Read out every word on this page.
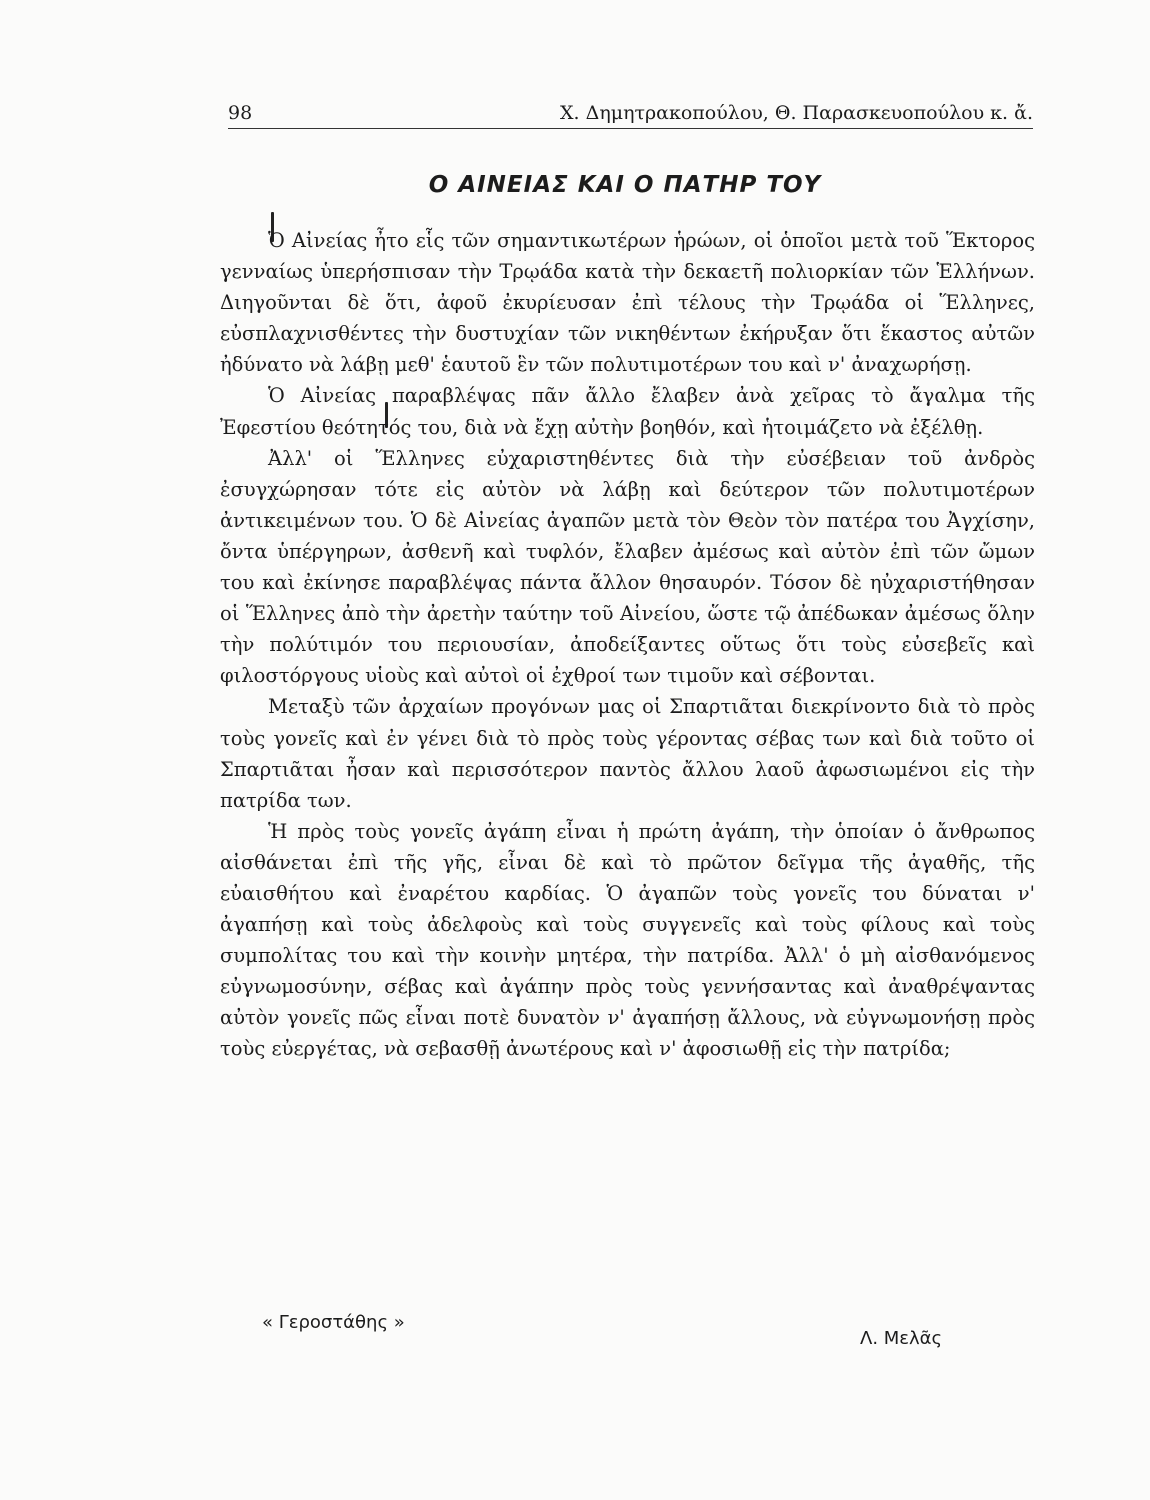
98	Χ. Δημητρακοπούλου, Θ. Παρασκευοπούλου κ. ἄ.
Ο ΑΙΝΕΙΑΣ ΚΑΙ Ο ΠΑΤΗΡ ΤΟΥ

Ὁ Αἰνείας ἦτο εἷς τῶν σημαντικωτέρων ἡρώων, οἱ ὁποῖοι μετὰ τοῦ Ἕκτορος γενναίως ὑπερήσπισαν τὴν Τρῳάδα κατὰ τὴν δεκαετῆ πολιορκίαν τῶν Ἑλλήνων. Διηγοῦνται δὲ ὅτι, ἀφοῦ ἐκυρίευσαν ἐπὶ τέλους τὴν Τρῳάδα οἱ Ἕλληνες, εὐσπλαχνισθέντες τὴν δυστυχίαν τῶν νικηθέντων ἐκήρυξαν ὅτι ἕκαστος αὐτῶν ἠδύνατο νὰ λάβῃ μεθ' ἑαυτοῦ ἓν τῶν πολυτιμοτέρων του καὶ ν' ἀναχωρήσῃ.

Ὁ Αἰνείας παραβλέψας πᾶν ἄλλο ἔλαβεν ἀνὰ χεῖρας τὸ ἄγαλμα τῆς Ἐφεστίου θεότητός του, διὰ νὰ ἔχῃ αὐτὴν βοηθόν, καὶ ἡτοιμάζετο νὰ ἐξέλθῃ.

Ἀλλ' οἱ Ἕλληνες εὐχαριστηθέντες διὰ τὴν εὐσέβειαν τοῦ ἀνδρὸς ἐσυγχώρησαν τότε εἰς αὐτὸν νὰ λάβῃ καὶ δεύτερον τῶν πολυτιμοτέρων ἀντικειμένων του. Ὁ δὲ Αἰνείας ἀγαπῶν μετὰ τὸν Θεὸν τὸν πατέρα του Ἀγχίσην, ὄντα ὑπέργηρων, ἀσθενῆ καὶ τυφλόν, ἔλαβεν ἀμέσως καὶ αὐτὸν ἐπὶ τῶν ὤμων του καὶ ἐκίνησε παραβλέψας πάντα ἄλλον θησαυρόν. Τόσον δὲ ηὐχαριστήθησαν οἱ Ἕλληνες ἀπὸ τὴν ἀρετὴν ταύτην τοῦ Αἰνείου, ὥστε τῷ ἀπέδωκαν ἀμέσως ὅλην τὴν πολύτιμόν του περιουσίαν, ἀποδείξαντες οὕτως ὅτι τοὺς εὐσεβεῖς καὶ φιλοστόργους υἱοὺς καὶ αὐτοὶ οἱ ἐχθροί των τιμοῦν καὶ σέβονται.

Μεταξὺ τῶν ἀρχαίων προγόνων μας οἱ Σπαρτιᾶται διεκρίνοντο διὰ τὸ πρὸς τοὺς γονεῖς καὶ ἐν γένει διὰ τὸ πρὸς τοὺς γέροντας σέβας των καὶ διὰ τοῦτο οἱ Σπαρτιᾶται ἦσαν καὶ περισσότερον παντὸς ἄλλου λαοῦ ἀφωσιωμένοι εἰς τὴν πατρίδα των.

Ἡ πρὸς τοὺς γονεῖς ἀγάπη εἶναι ἡ πρώτη ἀγάπη, τὴν ὁποίαν ὁ ἄνθρωπος αἰσθάνεται ἐπὶ τῆς γῆς, εἶναι δὲ καὶ τὸ πρῶτον δεῖγμα τῆς ἀγαθῆς, τῆς εὐαισθήτου καὶ ἐναρέτου καρδίας. Ὁ ἀγαπῶν τοὺς γονεῖς του δύναται ν' ἀγαπήσῃ καὶ τοὺς ἀδελφοὺς καὶ τοὺς συγγενεῖς καὶ τοὺς φίλους καὶ τοὺς συμπολίτας του καὶ τὴν κοινὴν μητέρα, τὴν πατρίδα. Ἀλλ' ὁ μὴ αἰσθανόμενος εὐγνωμοσύνην, σέβας καὶ ἀγάπην πρὸς τοὺς γεννήσαντας καὶ ἀναθρέψαντας αὐτὸν γονεῖς πῶς εἶναι ποτὲ δυνατὸν ν' ἀγαπήσῃ ἄλλους, νὰ εὐγνωμονήσῃ πρὸς τοὺς εὐεργέτας, νὰ σεβασθῇ ἀνωτέρους καὶ ν' ἀφοσιωθῇ εἰς τὴν πατρίδα;

« Γεροστάθης »
Λ. Μελᾶς
